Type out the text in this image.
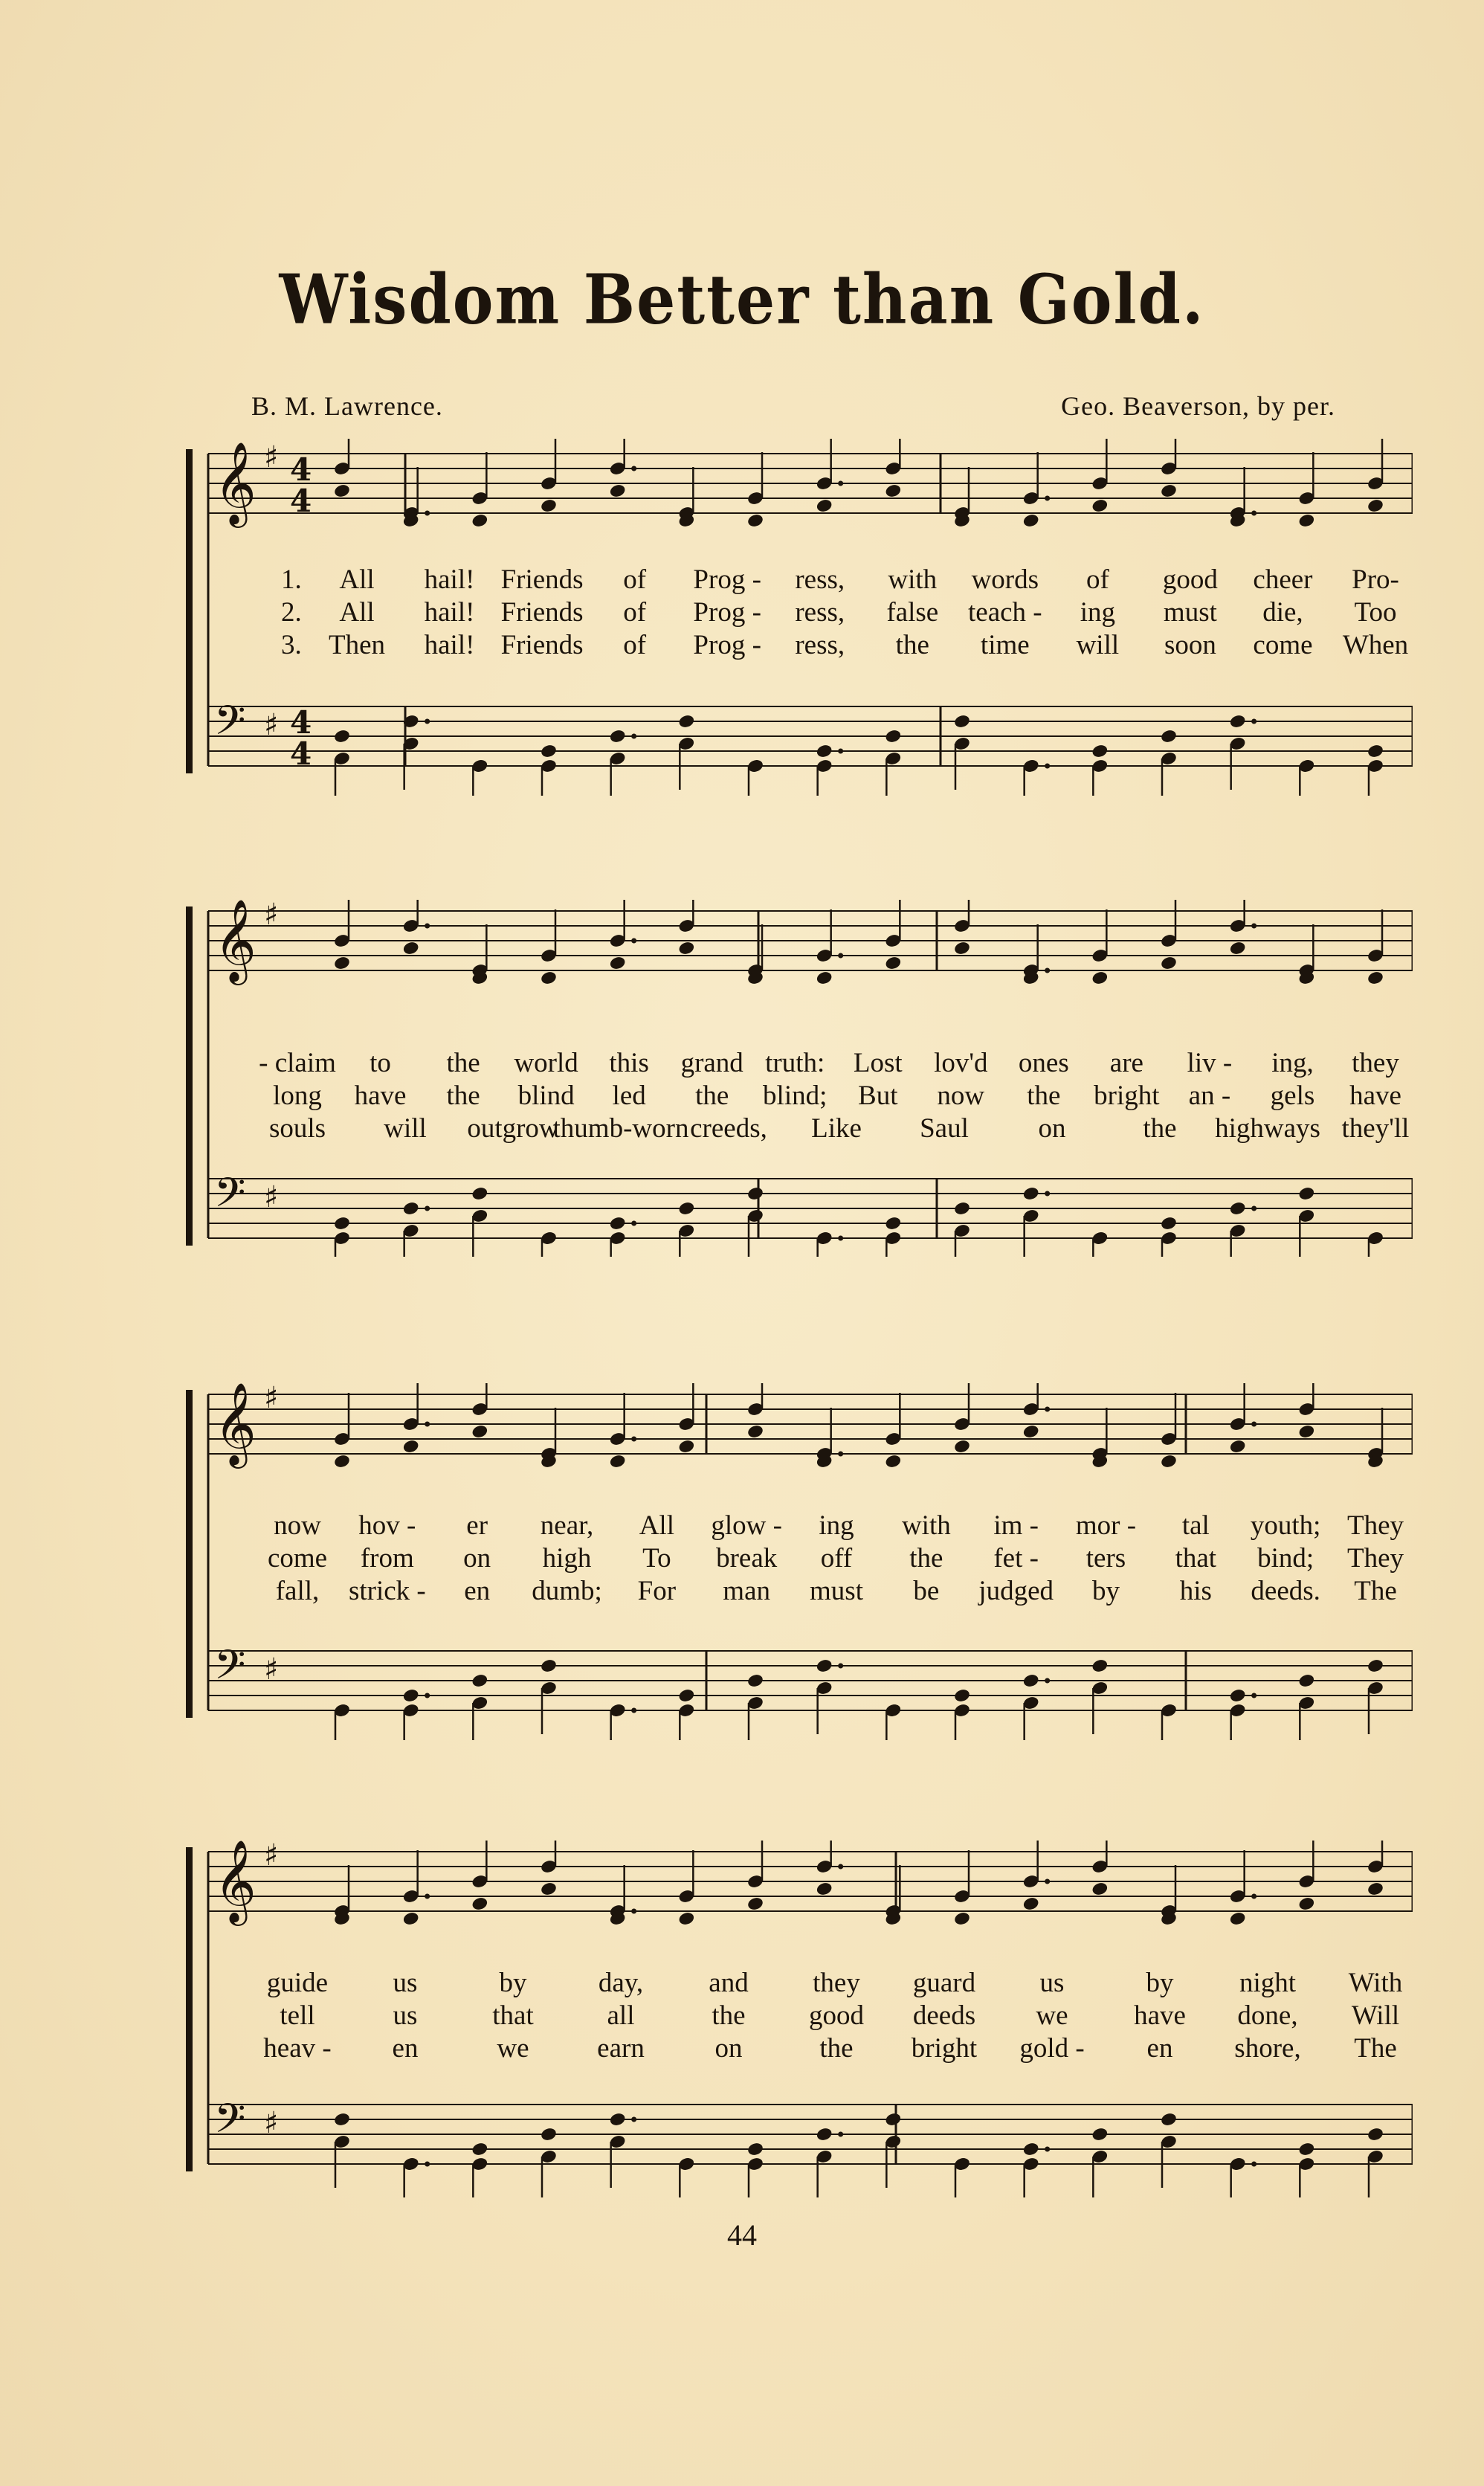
Wisdom Better than Gold.
B. M. Lawrence.	Geo. Beaverson, by per.
𝄞 ♯ 4
4
𝄢 ♯ 4
4
1. All hail! Friends of Prog - ress, with words of good cheer Pro-
2. All hail! Friends of Prog - ress, false teach - ing must die, Too
3. Then hail! Friends of Prog - ress, the time will soon come When
𝄞 ♯
𝄢 ♯
- claim to the world this grand truth: Lost lov'd ones are liv - ing, they
long have the blind led the blind; But now the bright an - gels have
souls will outgrow
thumb-worn creeds, Like Saul	on	the highways they'll
𝄞 ♯
𝄢 ♯
now hov - er near, All glow - ing with im - mor - tal youth; They
come from on high To break off the fet - ters that bind; They
fall, strick - en dumb; For man must be judged by his deeds. The
𝄞 ♯
𝄢 ♯
guide us	by	day, and they guard us	by night With
tell	us	that	all	the good deeds we have done, Will
heav - en	we earn	on	the bright gold - en shore, The
44
